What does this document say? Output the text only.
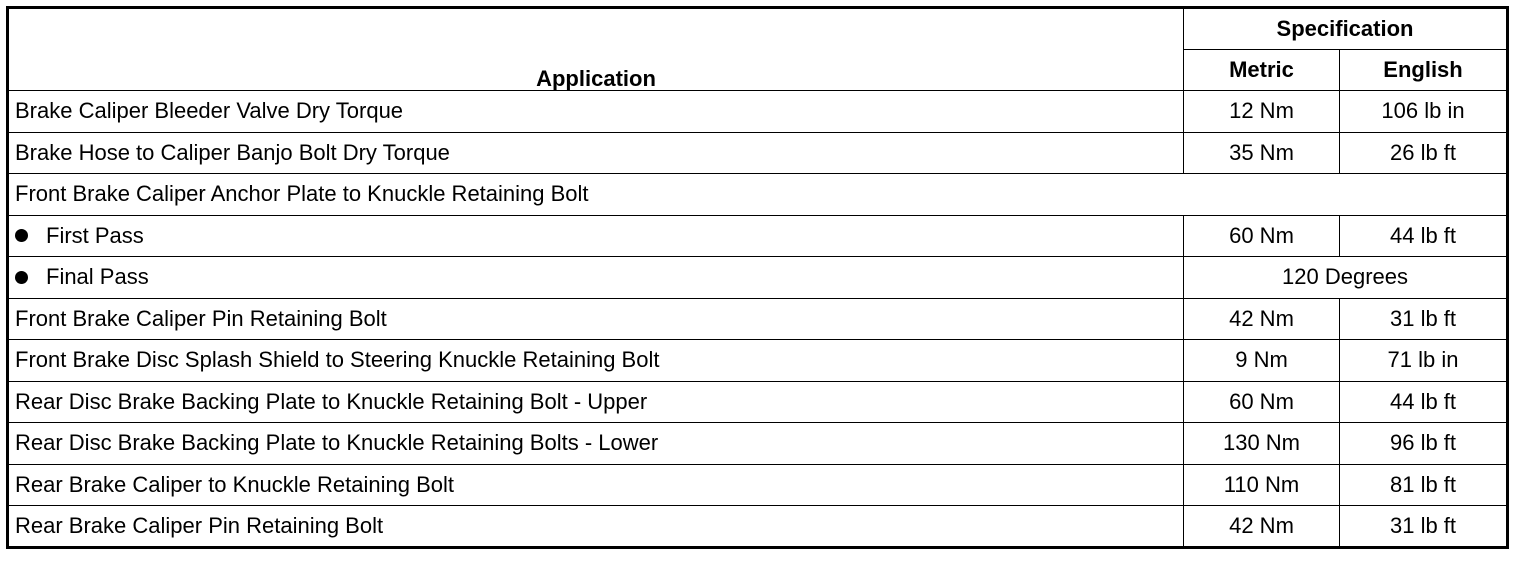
Application	Specification	
	Metric	English
Brake Caliper Bleeder Valve Dry Torque	12 Nm	106 lb in
Brake Hose to Caliper Banjo Bolt Dry Torque	35 Nm	26 lb ft
Front Brake Caliper Anchor Plate to Knuckle Retaining Bolt		
First Pass	60 Nm	44 lb ft
Final Pass	120 Degrees	
Front Brake Caliper Pin Retaining Bolt	42 Nm	31 lb ft
Front Brake Disc Splash Shield to Steering Knuckle Retaining Bolt	9 Nm	71 lb in
Rear Disc Brake Backing Plate to Knuckle Retaining Bolt - Upper	60 Nm	44 lb ft
Rear Disc Brake Backing Plate to Knuckle Retaining Bolts - Lower	130 Nm	96 lb ft
Rear Brake Caliper to Knuckle Retaining Bolt	110 Nm	81 lb ft
Rear Brake Caliper Pin Retaining Bolt	42 Nm	31 lb ft
